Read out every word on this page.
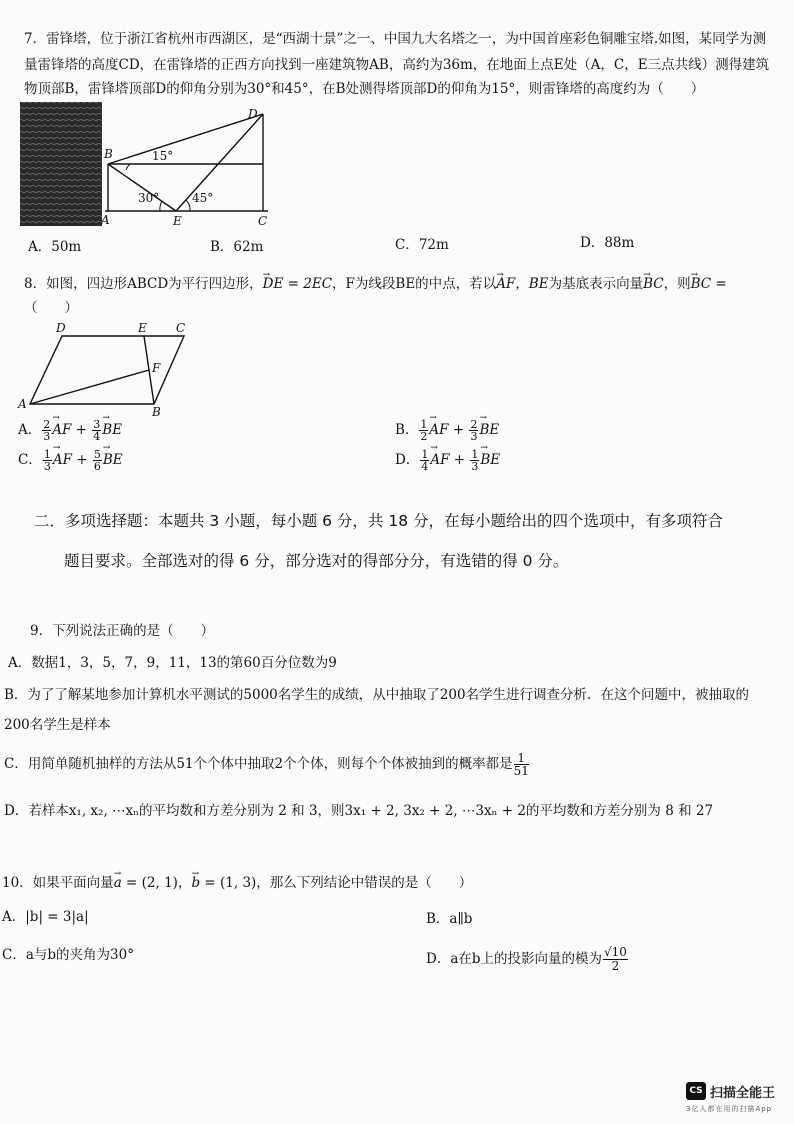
7．雷锋塔，位于浙江省杭州市西湖区，是“西湖十景”之一、中国九大名塔之一，为中国首座彩色铜雕宝塔.如图，某同学为测
量雷锋塔的高度CD，在雷锋塔的正西方向找到一座建筑物AB，高约为36m，在地面上点E处（A，C，E三点共线）测得建筑
物顶部B，雷锋塔顶部D的仰角分别为30°和45°，在B处测得塔顶部D的仰角为15°，则雷锋塔的高度约为（　　）
D
B
A	E	C
15°
30°	45°
A．50m	B．62m	C．72m	D．88m
8．如图，四边形ABCD为平行四边形，→ DE = 2EC，F为线段BE的中点，若以→ AF，BE为基底表示向量→ BC，则→ BC =
（　　）
D	E C
A
B
F
A． $\frac{2}{3}$ → AF + $\frac{3}{4}$ → BE	B． $\frac{1}{2}$ → AF + $\frac{2}{3}$ → BE
C． $\frac{1}{3}$ → AF + $\frac{5}{6}$ → BE	D． $\frac{1}{4}$ → AF + $\frac{1}{3}$ → BE
二．多项选择题：本题共 3 小题，每小题 6 分，共 18 分，在每小题给出的四个选项中，有多项符合
题目要求。全部选对的得 6 分，部分选对的得部分分，有选错的得 0 分。
9．下列说法正确的是（　　）
A．数据1，3，5，7，9，11，13的第60百分位数为9
B．为了了解某地参加计算机水平测试的5000名学生的成绩，从中抽取了200名学生进行调查分析．在这个问题中，被抽取的
200名学生是样本
C．用简单随机抽样的方法从51个个体中抽取2个个体，则每个个体被抽到的概率都是 $\frac{1}{51}$
D．若样本x₁, x₂, ⋯xₙ的平均数和方差分别为 2 和 3，则3x₁ + 2, 3x₂ + 2, ⋯3xₙ + 2的平均数和方差分别为 8 和 27
10．如果平面向量→ a = (2, 1)，→ b = (1, 3)，那么下列结论中错误的是（　　）
A．|b| = 3|a|	B．a∥b
C．a与b的夹角为30°	D．a在b上的投影向量的模为 $\frac{√10}{2}$
CS 扫描全能王
3亿人都在用的扫描App
